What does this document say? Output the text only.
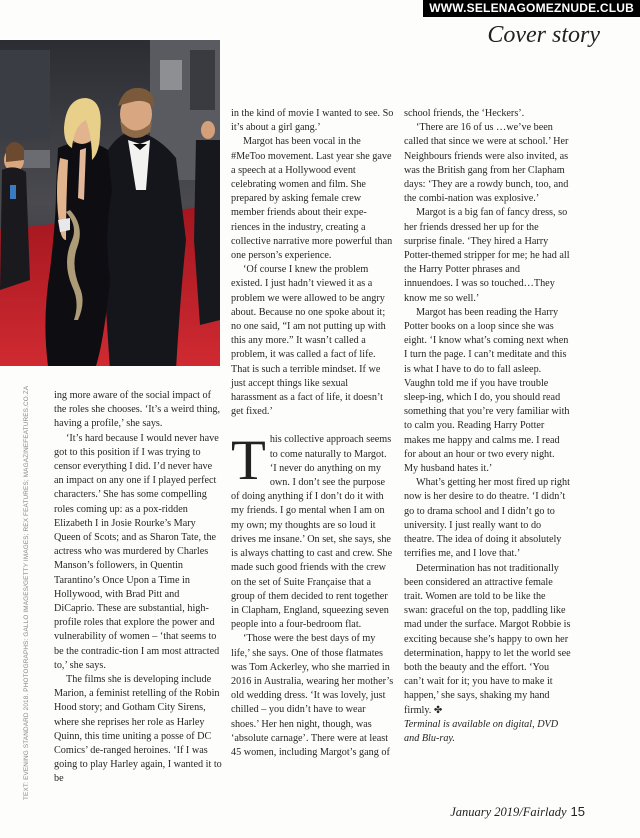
WWW.SELENAGOMEZNUDE.CLUB
Cover story
TEXT: EVENING STANDARD 2018. PHOTOGRAPHS: GALLO IMAGES/GETTY IMAGES; REX FEATURES; MAGAZINEFEATURES.CO.ZA ing more aware of the social impact of the roles she chooses. ‘It’s a weird thing, having a profile,’ she says.

‘It’s hard because I would never have got to this position if I was trying to censor everything I did. I’d never have an impact on any one if I played perfect characters.’ She has some compelling roles coming up: as a pox-ridden Elizabeth I in Josie Rourke’s Mary Queen of Scots; and as Sharon Tate, the actress who was murdered by Charles Manson’s followers, in Quentin Tarantino’s Once Upon a Time in Hollywood, with Brad Pitt and DiCaprio. These are substantial, high-profile roles that explore the power and vulnerability of women – ‘that seems to be the contradic-tion I am most attracted to,’ she says.

The films she is developing include Marion, a feminist retelling of the Robin Hood story; and Gotham City Sirens, where she reprises her role as Harley Quinn, this time uniting a posse of DC Comics’ de-ranged heroines. ‘If I was going to play Harley again, I wanted it to be

in the kind of movie I wanted to see. So it’s about a girl gang.’

Margot has been vocal in the #MeToo movement. Last year she gave a speech at a Hollywood event celebrating women and film. She prepared by asking female crew member friends about their expe-riences in the industry, creating a collective narrative more powerful than one person’s experience.

‘Of course I knew the problem existed. I just hadn’t viewed it as a problem we were allowed to be angry about. Because no one spoke about it; no one said, “I am not putting up with this any more.” It wasn’t called a problem, it was called a fact of life. That is such a terrible mindset. If we just accept things like sexual harassment as a fact of life, it doesn’t get fixed.’

T his collective approach seems to come naturally to Margot.

‘I never do anything on my own. I don’t see the purpose of doing anything if I don’t do it with my friends. I go mental when I am on my own; my thoughts are so loud it drives me insane.’ On set, she says, she is always chatting to cast and crew. She made such good friends with the crew on the set of Suite Française that a group of them decided to rent together in Clapham, England, squeezing seven people into a four-bedroom flat.

‘Those were the best days of my life,’ she says. One of those flatmates was Tom Ackerley, who she married in 2016 in Australia, wearing her mother’s old wedding dress. ‘It was lovely, just chilled – you didn’t have to wear shoes.’ Her hen night, though, was ‘absolute carnage’. There were at least 45 women, including Margot’s gang of

school friends, the ‘Heckers’.

‘There are 16 of us …we’ve been called that since we were at school.’ Her Neighbours friends were also invited, as was the British gang from her Clapham days: ‘They are a rowdy bunch, too, and the combi-nation was explosive.’

Margot is a big fan of fancy dress, so her friends dressed her up for the surprise finale. ‘They hired a Harry Potter-themed stripper for me; he had all the Harry Potter phrases and innuendoes. I was so touched…They know me so well.’

Margot has been reading the Harry Potter books on a loop since she was eight. ‘I know what’s coming next when I turn the page. I can’t meditate and this is what I have to do to fall asleep. Vaughn told me if you have trouble sleep-ing, which I do, you should read something that you’re very familiar with to calm you. Reading Harry Potter makes me happy and calms me. I read for about an hour or two every night. My husband hates it.’

What’s getting her most fired up right now is her desire to do theatre. ‘I didn’t go to drama school and I didn’t go to university. I just really want to do theatre. The idea of doing it absolutely terrifies me, and I love that.’

Determination has not traditionally been considered an attractive female trait. Women are told to be like the swan: graceful on the top, paddling like mad under the surface. Margot Robbie is exciting because she’s happy to own her determination, happy to let the world see both the beauty and the effort. ‘You can’t wait for it; you have to make it happen,’ she says, shaking my hand firmly. ✤

Terminal is available on digital, DVD and Blu-ray.

January 2019/Fairlady 15
